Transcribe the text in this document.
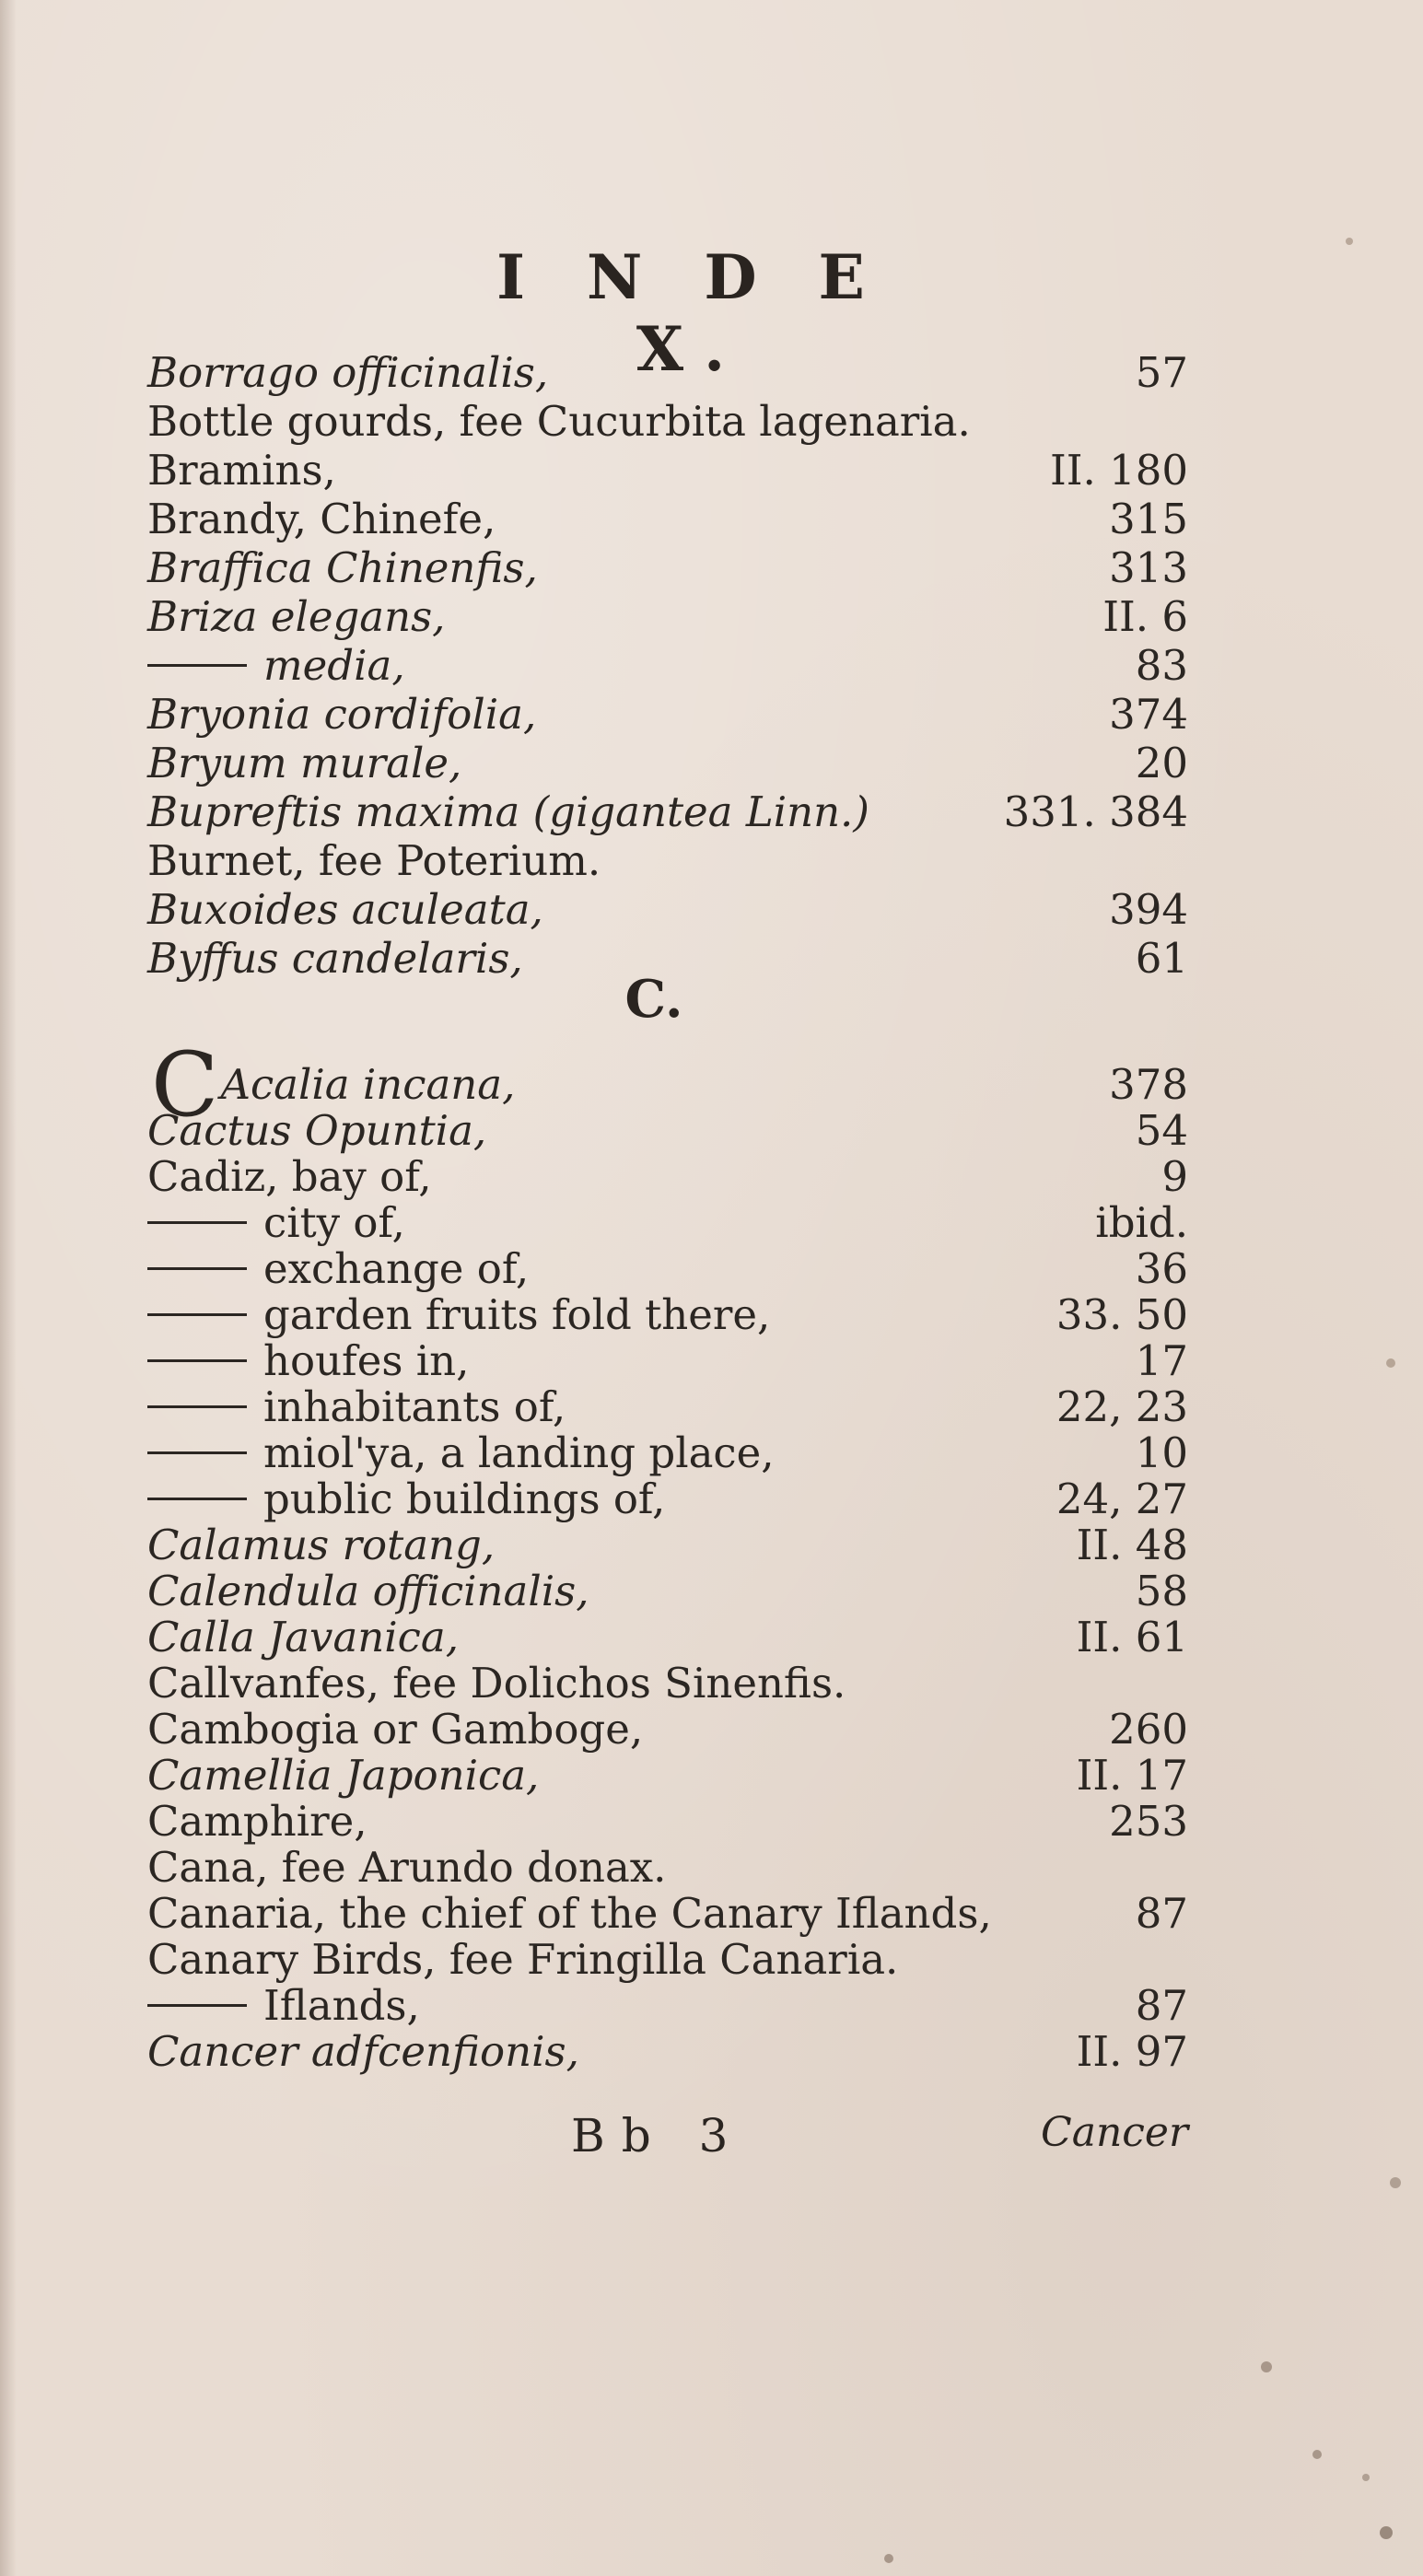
I N D E X.
Borrago officinalis,	57
Bottle gourds, fee Cucurbita lagenaria.
Bramins,	II. 180
Brandy, Chinefe,	315
Braffica Chinenfis,	313
Briza elegans,	II. 6
media,	83
Bryonia cordifolia,	374
Bryum murale,	20
Bupreftis maxima (gigantea Linn.)	331. 384
Burnet, fee Poterium.
Buxoides aculeata,	394
Byffus candelaris,	61
C.
CAcalia incana,	378
Cactus Opuntia,	54
Cadiz, bay of,	9
city of,	ibid.
exchange of,	36
garden fruits fold there,	33. 50
houfes in,	17
inhabitants of,	22, 23
miol'ya, a landing place,	10
public buildings of,	24, 27
Calamus rotang,	II. 48
Calendula officinalis,	58
Calla Javanica,	II. 61
Callvanfes, fee Dolichos Sinenfis.
Cambogia or Gamboge,	260
Camellia Japonica,	II. 17
Camphire,	253
Cana, fee Arundo donax.
Canaria, the chief of the Canary Iflands,	87
Canary Birds, fee Fringilla Canaria.
Iflands,	87
Cancer adfcenfionis,	II. 97
Bb 3	Cancer
